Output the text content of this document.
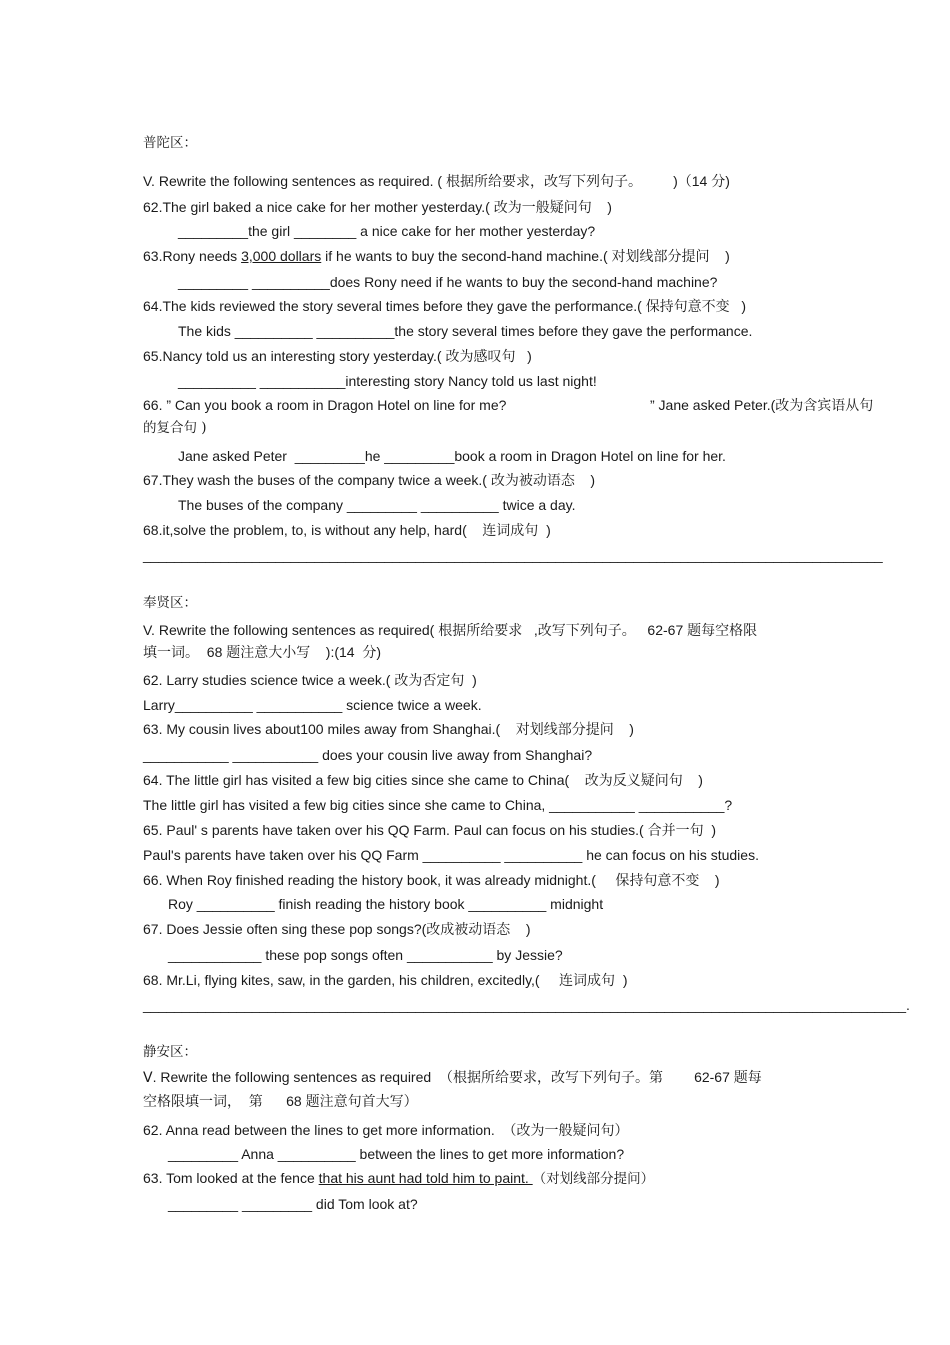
普陀区：
V. Rewrite the following sentences as required. ( 根据所给要求，改写下列句子。        )（14 分)
62.The girl baked a nice cake for her mother yesterday.( 改为一般疑问句    )
_________the girl ________ a nice cake for her mother yesterday?
63.Rony needs 3,000 dollars if he wants to buy the second-hand machine.( 对划线部分提问    )
_________ __________does Rony need if he wants to buy the second-hand machine?
64.The kids reviewed the story several times before they gave the performance.( 保持句意不变   )
The kids __________ __________the story several times before they gave the performance.
65.Nancy told us an interesting story yesterday.( 改为感叹句   )
__________ ___________interesting story Nancy told us last night!
66. ” Can you book a room in Dragon Hotel on line for me?	” Jane asked Peter.(改为含宾语从句
的复合句 )
Jane asked Peter  _________he _________book a room in Dragon Hotel on line for her.
67.They wash the buses of the company twice a week.( 改为被动语态    )
The buses of the company _________ __________ twice a day.
68.it,solve the problem, to, is without any help, hard(    连词成句  )
_______________________________________________________________________________________________
奉贤区：
V. Rewrite the following sentences as required( 根据所给要求   ,改写下列句子。   62-67 题每空格限
填一词。  68 题注意大小写    ):(14  分)
62. Larry studies science twice a week.( 改为否定句  )
Larry__________ ___________ science twice a week.
63. My cousin lives about100 miles away from Shanghai.(    对划线部分提问    )
___________ ___________ does your cousin live away from Shanghai?
64. The little girl has visited a few big cities since she came to China(    改为反义疑问句    )
The little girl has visited a few big cities since she came to China, ___________ ___________?
65. Paul' s parents have taken over his QQ Farm. Paul can focus on his studies.( 合并一句  )
Paul's parents have taken over his QQ Farm __________ __________ he can focus on his studies.
66. When Roy finished reading the history book, it was already midnight.(     保持句意不变    )
Roy __________ finish reading the history book __________ midnight
67. Does Jessie often sing these pop songs?(改成被动语态    )
____________ these pop songs often ___________ by Jessie?
68. Mr.Li, flying kites, saw, in the garden, his children, excitedly,(     连词成句  )
__________________________________________________________________________________________________.
静安区：
Ⅴ. Rewrite the following sentences as required  （根据所给要求，改写下列句子。第        62-67 题每
空格限填一词，  第      68 题注意句首大写）
62. Anna read between the lines to get more information.  （改为一般疑问句）
_________ Anna __________ between the lines to get more information?
63. Tom looked at the fence that his aunt had told him to paint. （对划线部分提问）
_________ _________ did Tom look at?
